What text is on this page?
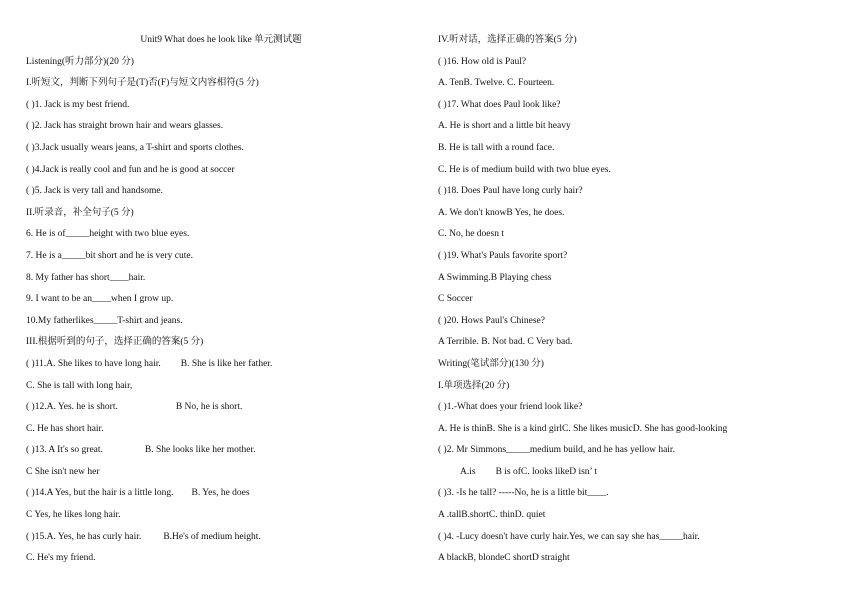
Unit9 What does he look like 单元测试题
Listening(听力部分)(20 分)
I.听短文，判断下列句子是(T)否(F)与短文内容相符(5 分)
( )1. Jack is my best friend.
( )2. Jack has straight brown hair and wears glasses.
( )3.Jack usually wears jeans, a T-shirt and sports clothes.
( )4.Jack is really cool and fun and he is good at soccer
( )5. Jack is very tall and handsome.
II.听录音，补全句子(5 分)
6. He is of_____height with two blue eyes.
7. He is a_____bit short and he is very cute.
8. My father has short____hair.
9. I want to be an____when I grow up.
10.My fatherlikes_____T-shirt and jeans.
III.根据听到的句子，选择正确的答案(5 分)
( )11.A. She likes to have long hair. B. She is like her father.
C. She is tall with long hair,
( )12.A. Yes. he is short.	B No, he is short.
C. He has short hair.
( )13. A It's so great.	B. She looks like her mother.
C She isn't new her
( )14.A Yes, but the hair is a little long. B. Yes, he does
C Yes, he likes long hair.
( )15.A. Yes, he has curly hair. B.He's of medium height.
C. He's my friend.
IV.听对话，选择正确的答案(5 分)
( )16. How old is Paul?
A. TenB. Twelve. C. Fourteen.
( )17. What does Paul look like?
A. He is short and a little bit heavy
B. He is tall with a round face.
C. He is of medium build with two blue eyes.
( )18. Does Paul have long curly hair?
A. We don't knowB Yes, he does.
C. No, he doesn t
( )19. What's Pauls favorite sport?
A Swimming.B Playing chess
C Soccer
( )20. Hows Paul's Chinese?
A Terrible. B. Not bad. C Very bad.
Writing(笔试部分)(130 分)
I.单项选择(20 分)
( )1.-What does your friend look like?
A. He is thinB. She is a kind girlC. She likes musicD. She has good-looking
( )2. Mr Simmons_____medium build, and he has yellow hair.
A.is B is ofC. looks likeD isn’ t
( )3. -Is he tall? -----No, he is a little bit____.
A .tallB.shortC. thinD. quiet
( )4. -Lucy doesn't have curly hair.Yes, we can say she has_____hair.
A blackB, blondeC shortD straight
